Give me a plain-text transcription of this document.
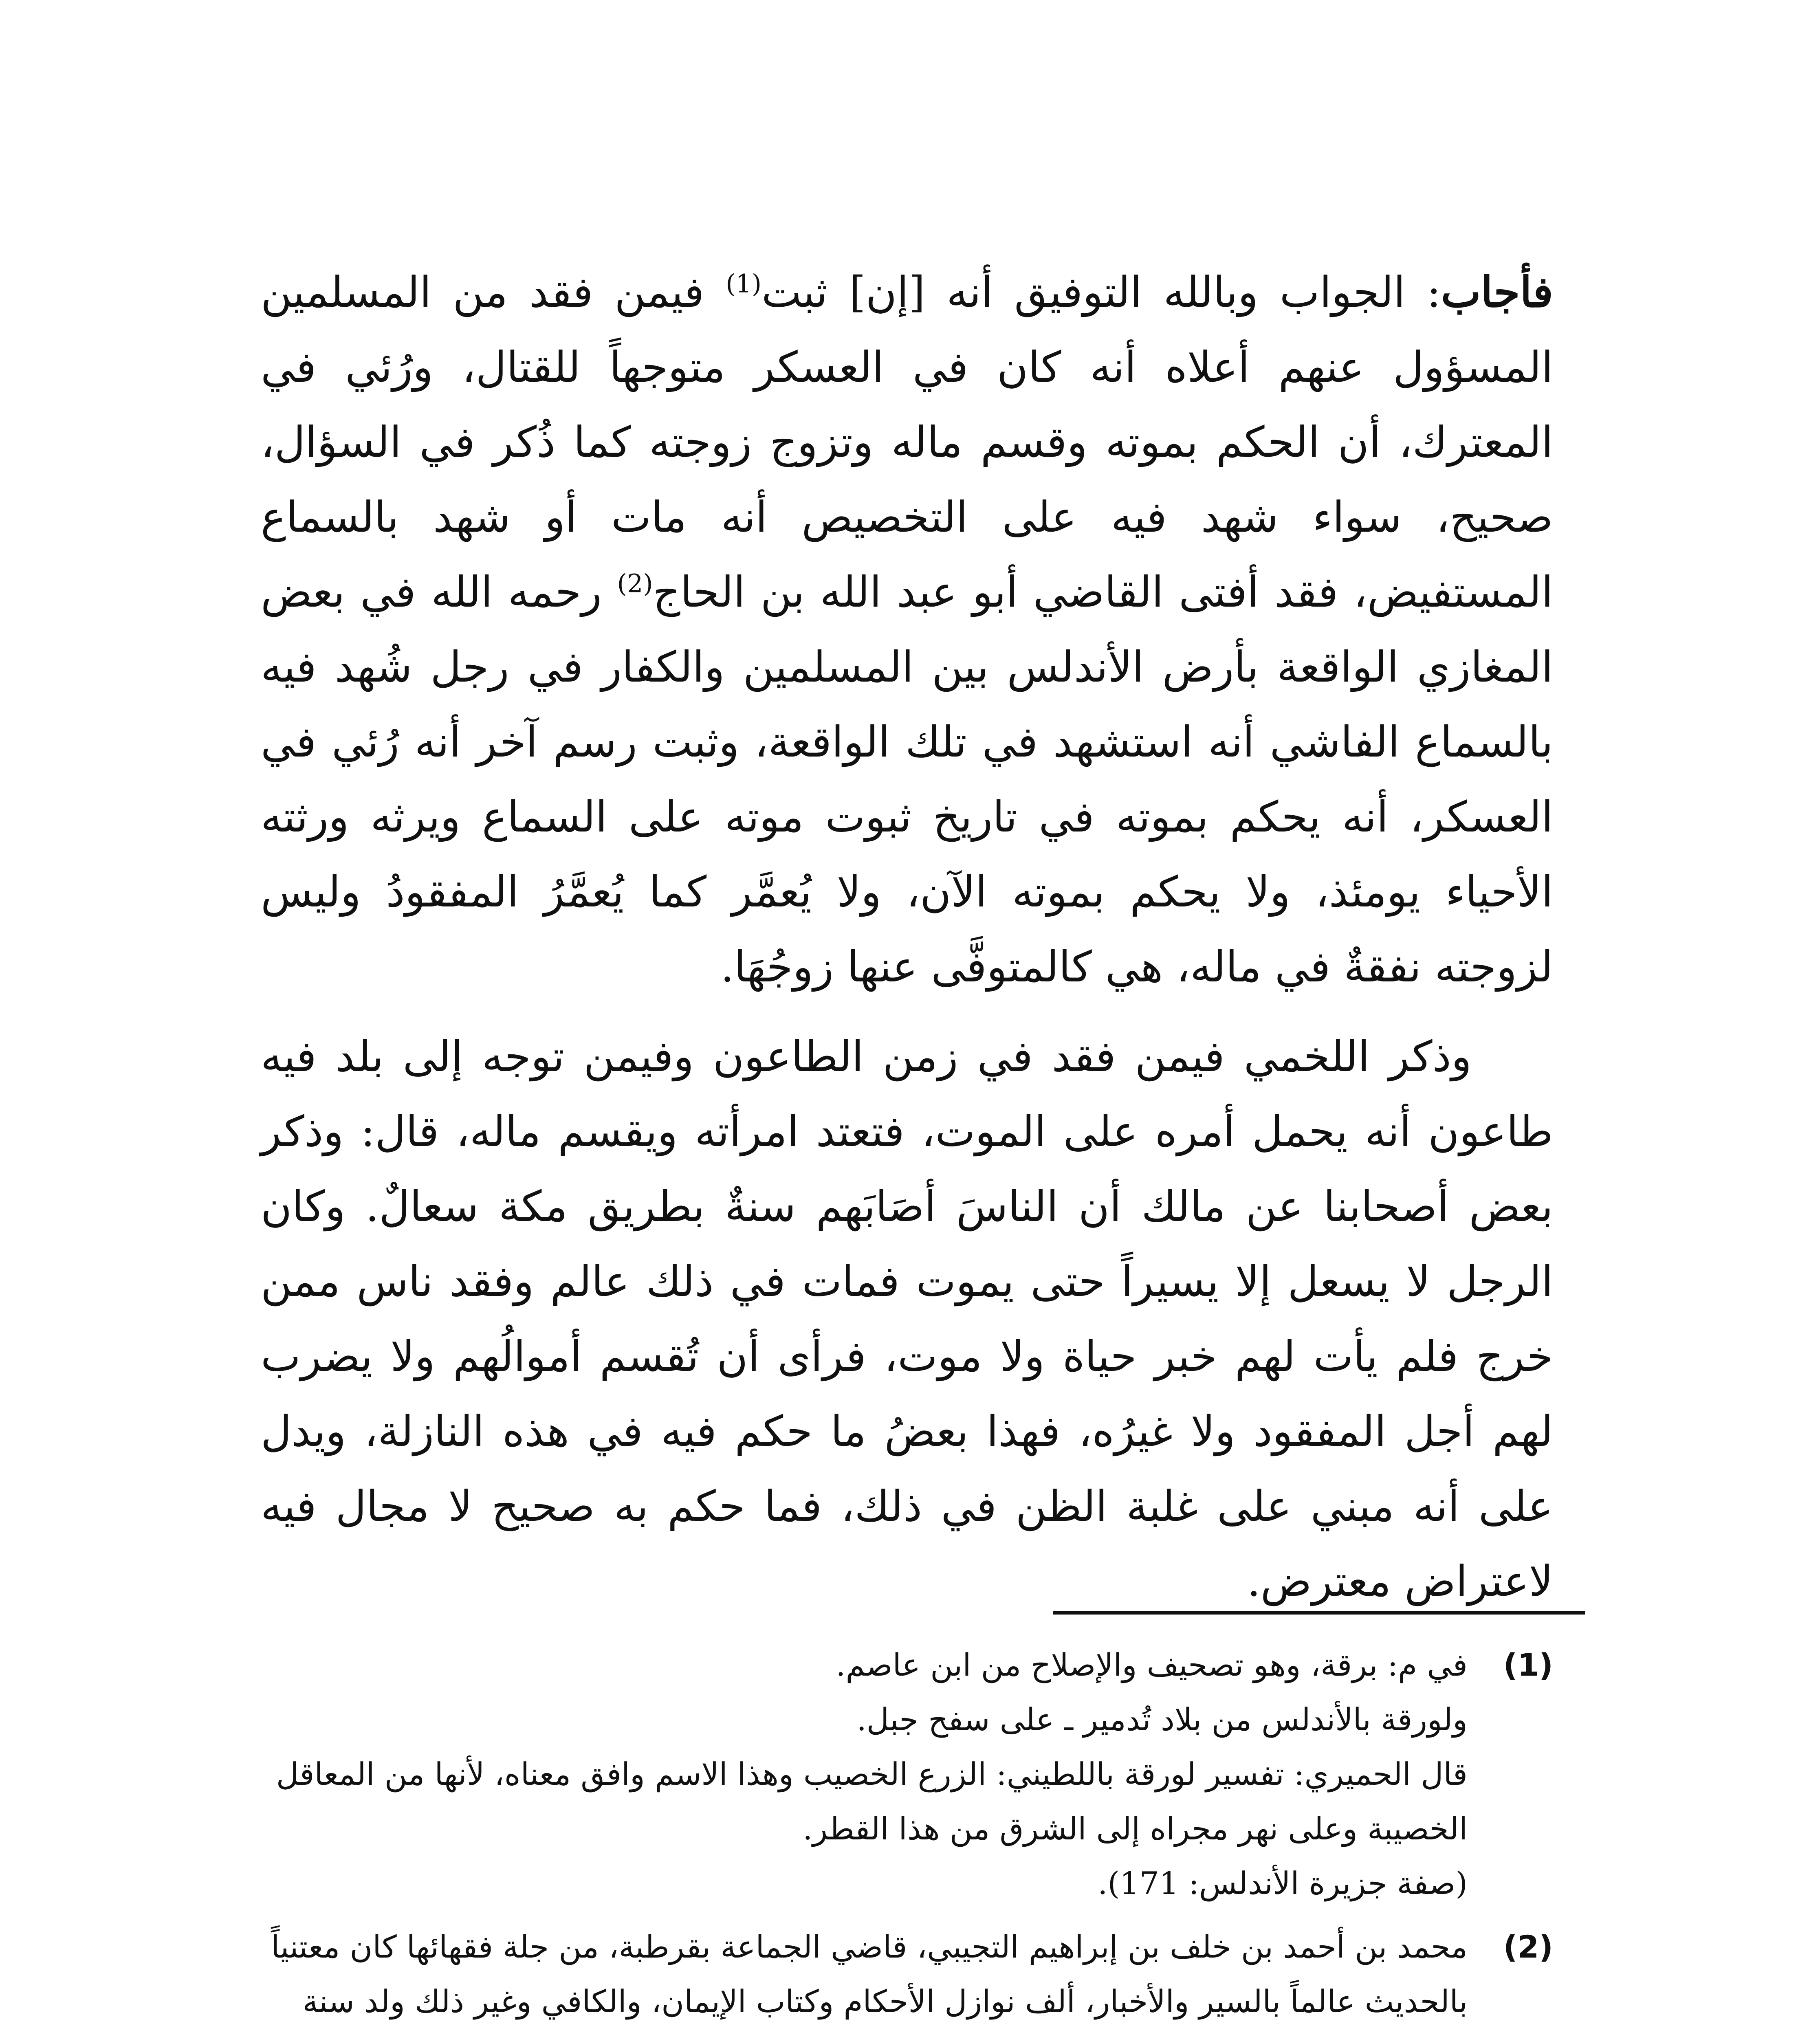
فأجاب: الجواب وبالله التوفيق أنه [إن] ثبت$^{(1)}$ فيمن فقد من المسلمين المسؤول عنهم أعلاه أنه كان في العسكر متوجهاً للقتال، ورُئي في المعترك، أن الحكم بموته وقسم ماله وتزوج زوجته كما ذُكر في السؤال، صحيح، سواء شهد فيه على التخصيص أنه مات أو شهد بالسماع المستفيض، فقد أفتى القاضي أبو عبد الله بن الحاج$^{(2)}$ رحمه الله في بعض المغازي الواقعة بأرض الأندلس بين المسلمين والكفار في رجل شُهد فيه بالسماع الفاشي أنه استشهد في تلك الواقعة، وثبت رسم آخر أنه رُئي في العسكر، أنه يحكم بموته في تاريخ ثبوت موته على السماع ويرثه ورثته الأحياء يومئذ، ولا يحكم بموته الآن، ولا يُعمَّر كما يُعمَّرُ المفقودُ وليس لزوجته نفقةٌ في ماله، هي كالمتوفَّى عنها زوجُهَا.

وذكر اللخمي فيمن فقد في زمن الطاعون وفيمن توجه إلى بلد فيه طاعون أنه يحمل أمره على الموت، فتعتد امرأته ويقسم ماله، قال: وذكر بعض أصحابنا عن مالك أن الناسَ أصَابَهم سنةٌ بطريق مكة سعالٌ. وكان الرجل لا يسعل إلا يسيراً حتى يموت فمات في ذلك عالم وفقد ناس ممن خرج فلم يأت لهم خبر حياة ولا موت، فرأى أن تُقسم أموالُهم ولا يضرب لهم أجل المفقود ولا غيرُه، فهذا بعضُ ما حكم فيه في هذه النازلة، ويدل على أنه مبني على غلبة الظن في ذلك، فما حكم به صحيح لا مجال فيه لاعتراض معترض.

(1)

في م: برقة، وهو تصحيف والإصلاح من ابن عاصم.

ولورقة بالأندلس من بلاد تُدمير ـ على سفح جبل.

قال الحميري: تفسير لورقة باللطيني: الزرع الخصيب وهذا الاسم وافق معناه، لأنها من المعاقل الخصيبة وعلى نهر مجراه إلى الشرق من هذا القطر.

(صفة جزيرة الأندلس: 171).

(2)

محمد بن أحمد بن خلف بن إبراهيم التجيبي، قاضي الجماعة بقرطبة، من جلة فقهائها كان معتنياً بالحديث عالماً بالسير والأخبار، ألف نوازل الأحكام وكتاب الإيمان، والكافي وغير ذلك ولد سنة
